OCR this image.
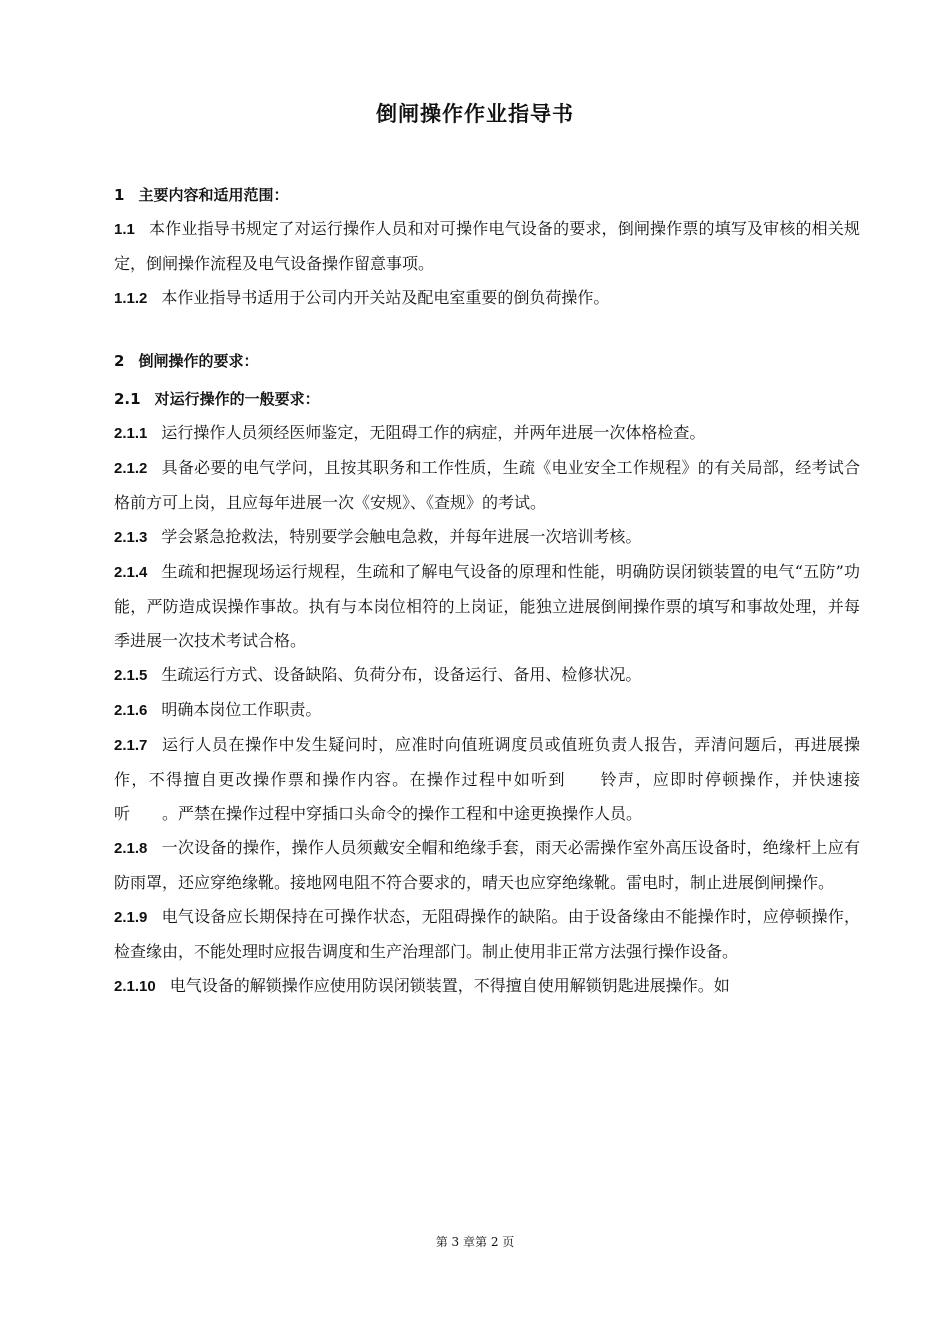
倒闸操作作业指导书
1 主要内容和适用范围：

1.1 本作业指导书规定了对运行操作人员和对可操作电气设备的要求，倒闸操作票的填写及审核的相关规定，倒闸操作流程及电气设备操作留意事项。

1.1.2 本作业指导书适用于公司内开关站及配电室重要的倒负荷操作。

2 倒闸操作的要求：
2.1 对运行操作的一般要求：

2.1.1 运行操作人员须经医师鉴定，无阻碍工作的病症，并两年进展一次体格检查。

2.1.2 具备必要的电气学问，且按其职务和工作性质，生疏《电业安全工作规程》的有关局部，经考试合格前方可上岗，且应每年进展一次《安规》、《查规》的考试。

2.1.3 学会紧急抢救法，特别要学会触电急救，并每年进展一次培训考核。

2.1.4 生疏和把握现场运行规程，生疏和了解电气设备的原理和性能，明确防误闭锁装置的电气“五防”功能，严防造成误操作事故。执有与本岗位相符的上岗证，能独立进展倒闸操作票的填写和事故处理，并每季进展一次技术考试合格。

2.1.5 生疏运行方式、设备缺陷、负荷分布，设备运行、备用、检修状况。

2.1.6 明确本岗位工作职责。

2.1.7 运行人员在操作中发生疑问时，应准时向值班调度员或值班负责人报告，弄清问题后，再进展操作，不得擅自更改操作票和操作内容。在操作过程中如听到　　铃声，应即时停顿操作，并快速接听　　。严禁在操作过程中穿插口头命令的操作工程和中途更换操作人员。

2.1.8 一次设备的操作，操作人员须戴安全帽和绝缘手套，雨天必需操作室外高压设备时，绝缘杆上应有防雨罩，还应穿绝缘靴。接地网电阻不符合要求的，晴天也应穿绝缘靴。雷电时，制止进展倒闸操作。

2.1.9 电气设备应长期保持在可操作状态，无阻碍操作的缺陷。由于设备缘由不能操作时，应停顿操作，检查缘由，不能处理时应报告调度和生产治理部门。制止使用非正常方法强行操作设备。

2.1.10 电气设备的解锁操作应使用防误闭锁装置，不得擅自使用解锁钥匙进展操作。如

第 3 章第 2 页
